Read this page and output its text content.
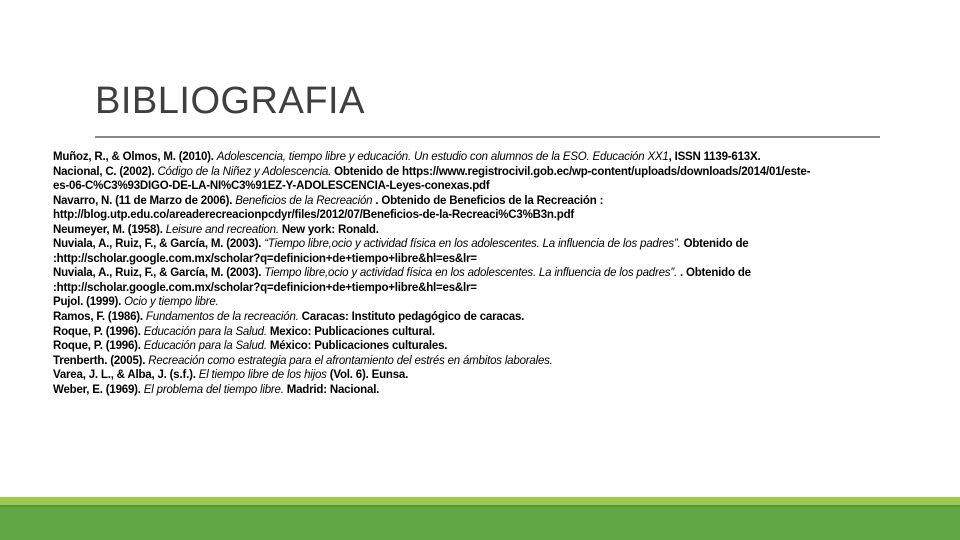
BIBLIOGRAFIA
Muñoz, R., & Olmos, M. (2010). Adolescencia, tiempo libre y educación. Un estudio con alumnos de la ESO. Educación XX1, ISSN 1139-613X.
Nacional, C. (2002). Código de la Niñez y Adolescencia. Obtenido de https://www.registrocivil.gob.ec/wp-content/uploads/downloads/2014/01/este-
es-06-C%C3%93DIGO-DE-LA-NI%C3%91EZ-Y-ADOLESCENCIA-Leyes-conexas.pdf
Navarro, N. (11 de Marzo de 2006). Beneficios de la Recreación . Obtenido de Beneficios de la Recreación :
http://blog.utp.edu.co/areaderecreacionpcdyr/files/2012/07/Beneficios-de-la-Recreaci%C3%B3n.pdf
Neumeyer, M. (1958). Leisure and recreation. New york: Ronald.
Nuviala, A., Ruiz, F., & García, M. (2003). “Tiempo libre,ocio y actividad física en los adolescentes. La influencia de los padres”. Obtenido de
:http://scholar.google.com.mx/scholar?q=definicion+de+tiempo+libre&hl=es&lr=
Nuviala, A., Ruiz, F., & García, M. (2003). Tiempo libre,ocio y actividad física en los adolescentes. La influencia de los padres”. . Obtenido de
:http://scholar.google.com.mx/scholar?q=definicion+de+tiempo+libre&hl=es&lr=
Pujol. (1999). Ocio y tiempo libre.
Ramos, F. (1986). Fundamentos de la recreación. Caracas: Instituto pedagógico de caracas.
Roque, P. (1996). Educación para la Salud. Mexico: Publicaciones cultural.
Roque, P. (1996). Educación para la Salud. México: Publicaciones culturales.
Trenberth. (2005). Recreación como estrategia para el afrontamiento del estrés en ámbitos laborales.
Varea, J. L., & Alba, J. (s.f.). El tiempo libre de los hijos (Vol. 6). Eunsa.
Weber, E. (1969). El problema del tiempo libre. Madrid: Nacional.
